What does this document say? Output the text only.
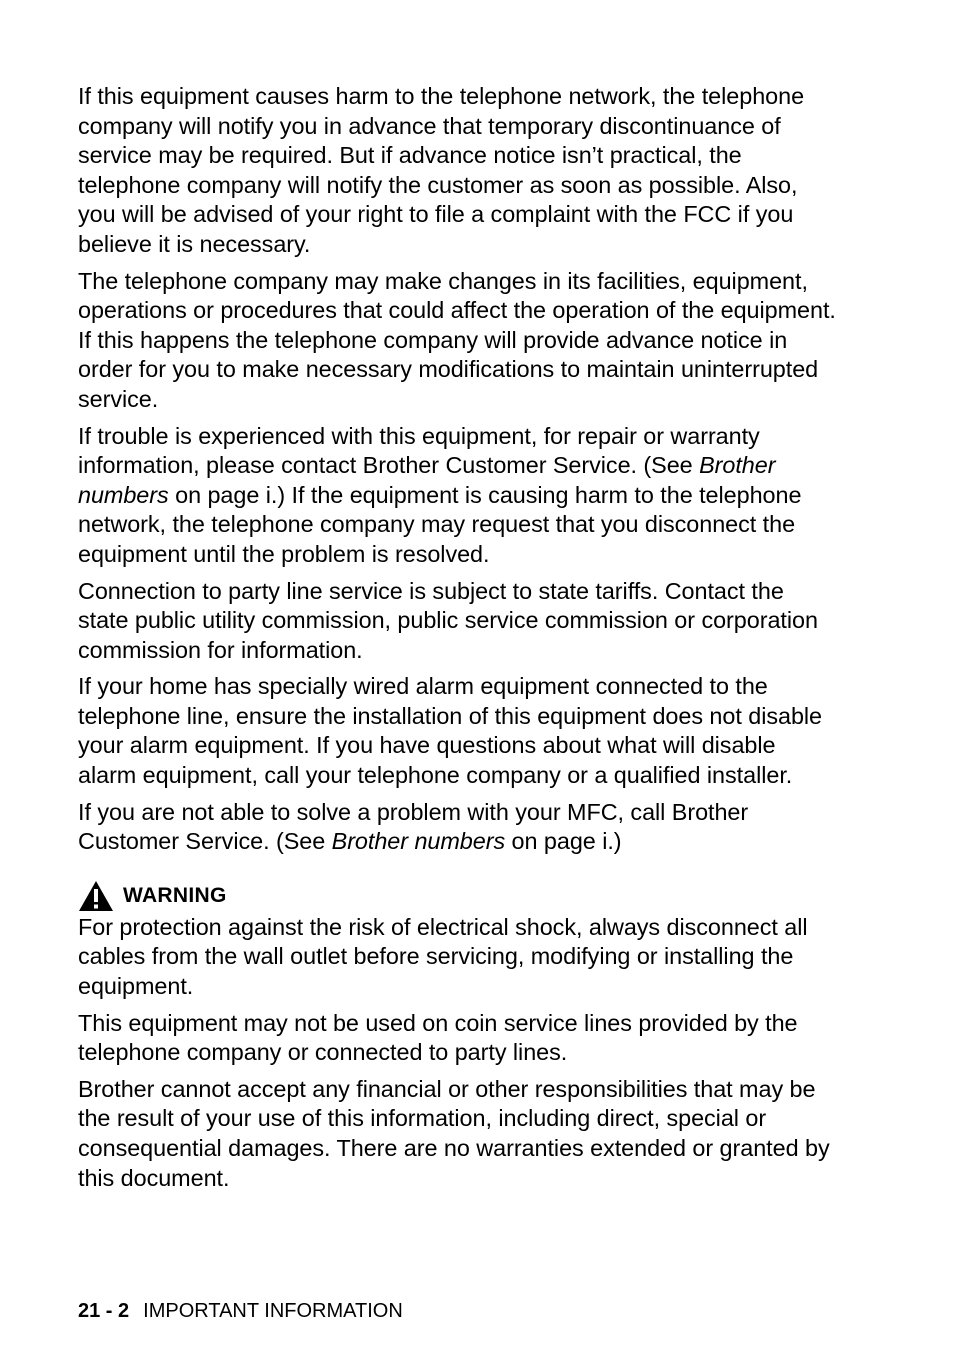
If this equipment causes harm to the telephone network, the telephone company will notify you in advance that temporary discontinuance of service may be required. But if advance notice isn’t practical, the telephone company will notify the customer as soon as possible. Also, you will be advised of your right to file a complaint with the FCC if you believe it is necessary.

The telephone company may make changes in its facilities, equipment, operations or procedures that could affect the operation of the equipment. If this happens the telephone company will provide advance notice in order for you to make necessary modifications to maintain uninterrupted service.

If trouble is experienced with this equipment, for repair or warranty information, please contact Brother Customer Service. (See Brother numbers on page i.) If the equipment is causing harm to the telephone network, the telephone company may request that you disconnect the equipment until the problem is resolved.

Connection to party line service is subject to state tariffs. Contact the state public utility commission, public service commission or corporation commission for information.

If your home has specially wired alarm equipment connected to the telephone line, ensure the installation of this equipment does not disable your alarm equipment. If you have questions about what will disable alarm equipment, call your telephone company or a qualified installer.

If you are not able to solve a problem with your MFC, call Brother Customer Service. (See Brother numbers on page i.)

WARNING

For protection against the risk of electrical shock, always disconnect all cables from the wall outlet before servicing, modifying or installing the equipment.

This equipment may not be used on coin service lines provided by the telephone company or connected to party lines.

Brother cannot accept any financial or other responsibilities that may be the result of your use of this information, including direct, special or consequential damages. There are no warranties extended or granted by this document.

21 - 2 IMPORTANT INFORMATION
